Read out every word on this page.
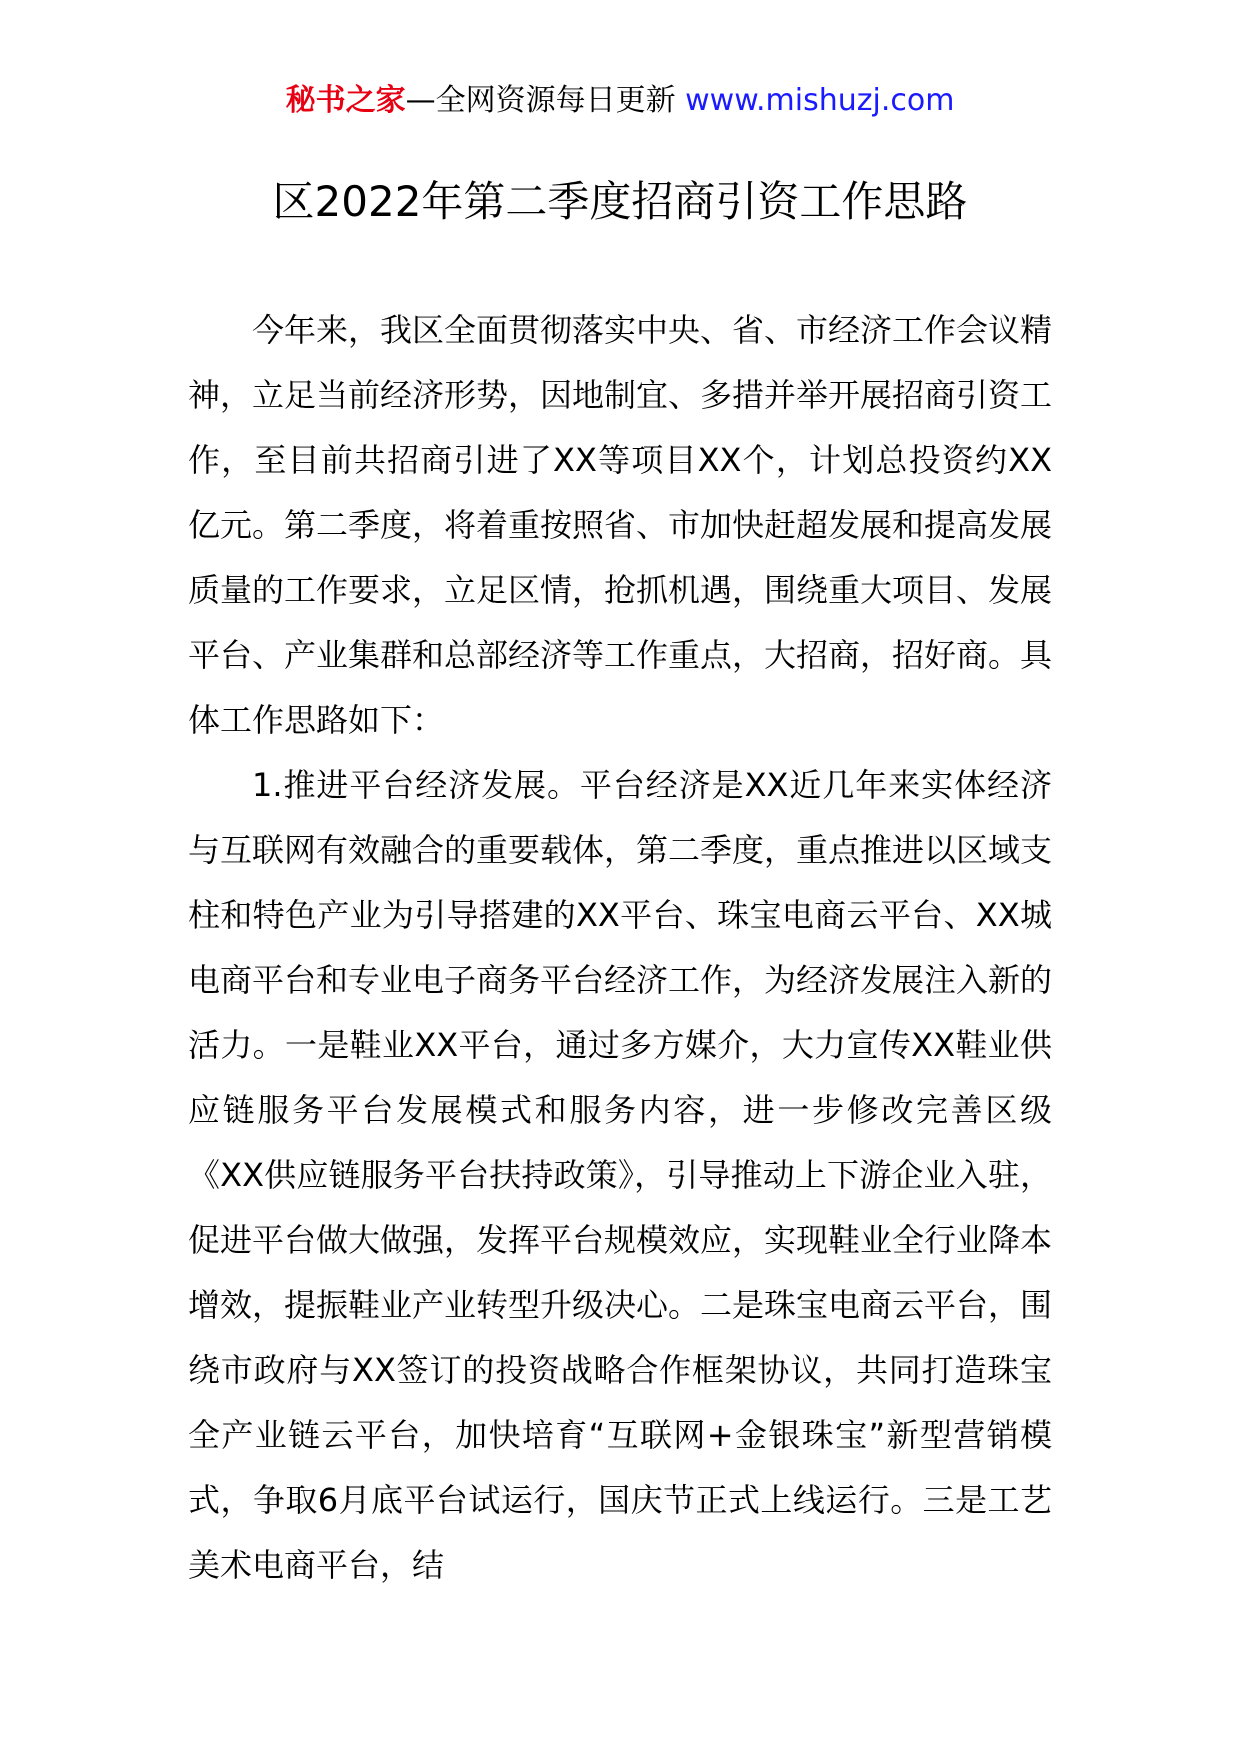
秘书之家—全网资源每日更新 www.mishuzj.com
区2022年第二季度招商引资工作思路

今年来，我区全面贯彻落实中央、省、市经济工作会议精神，立足当前经济形势，因地制宜、多措并举开展招商引资工作，至目前共招商引进了XX等项目XX个，计划总投资约XX亿元。第二季度，将着重按照省、市加快赶超发展和提高发展质量的工作要求，立足区情，抢抓机遇，围绕重大项目、发展平台、产业集群和总部经济等工作重点，大招商，招好商。具体工作思路如下：

1.推进平台经济发展。平台经济是XX近几年来实体经济与互联网有效融合的重要载体，第二季度，重点推进以区域支柱和特色产业为引导搭建的XX平台、珠宝电商云平台、XX城电商平台和专业电子商务平台经济工作，为经济发展注入新的活力。一是鞋业XX平台，通过多方媒介，大力宣传XX鞋业供应链服务平台发展模式和服务内容，进一步修改完善区级《XX供应链服务平台扶持政策》，引导推动上下游企业入驻，促进平台做大做强，发挥平台规模效应，实现鞋业全行业降本增效，提振鞋业产业转型升级决心。二是珠宝电商云平台，围绕市政府与XX签订的投资战略合作框架协议，共同打造珠宝全产业链云平台，加快培育“互联网+金银珠宝”新型营销模式，争取6月底平台试运行，国庆节正式上线运行。三是工艺美术电商平台，结
